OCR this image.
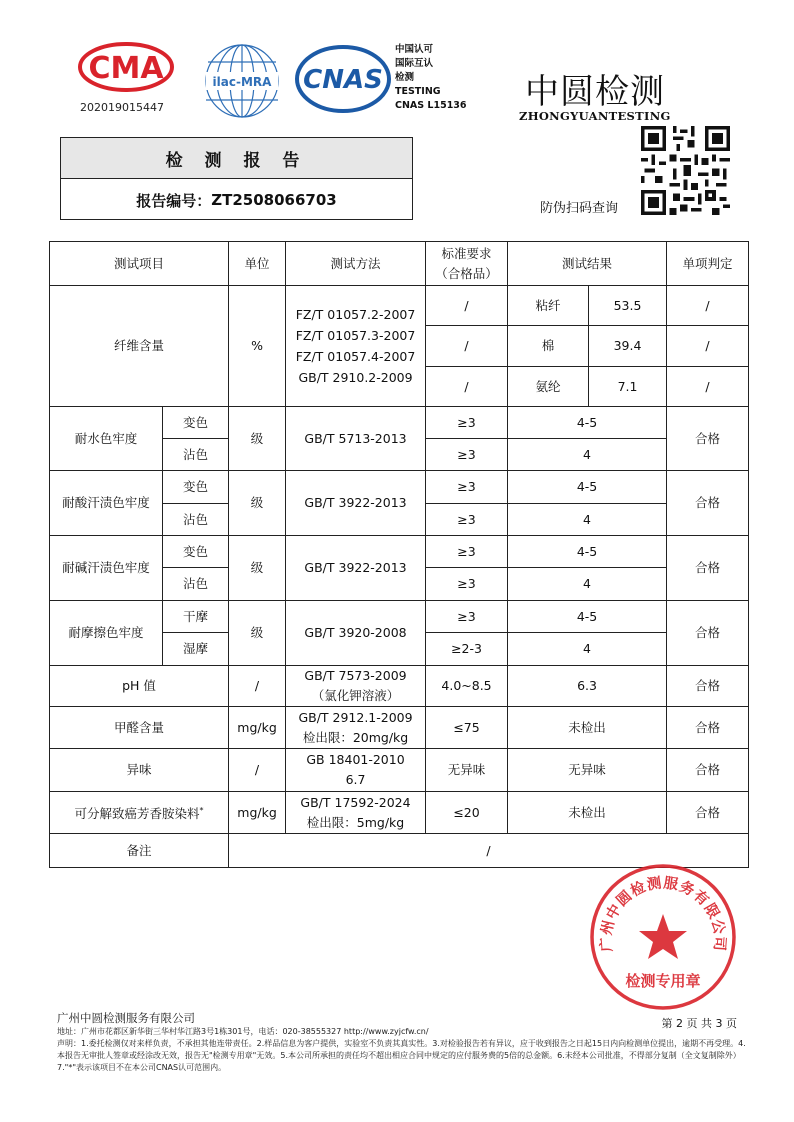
CMA
202019015447
ilac-MRA CNAS
中国认可
国际互认
检测
TESTING
CNAS L15136 中圆检测
ZHONGYUANTESTING
防伪扫码查询
检 测 报 告
报告编号： ZT2508066703
测试项目		单位	测试方法	标准要求
（合格品）	测试结果		单项判定
纤维含量		%	FZ/T 01057.2-2007
FZ/T 01057.3-2007
FZ/T 01057.4-2007
GB/T 2910.2-2009	/	粘纤	53.5	/
				/	棉	39.4	/
				/	氨纶	7.1	/
耐水色牢度	变色	级	GB/T 5713-2013	≥3	4-5		合格
	沾色			≥3	4		
耐酸汗渍色牢度	变色	级	GB/T 3922-2013	≥3	4-5		合格
	沾色			≥3	4		
耐碱汗渍色牢度	变色	级	GB/T 3922-2013	≥3	4-5		合格
	沾色			≥3	4		
耐摩擦色牢度	干摩	级	GB/T 3920-2008	≥3	4-5		合格
	湿摩			≥2-3	4		
pH 值		/	GB/T 7573-2009
（氯化钾溶液）	4.0~8.5	6.3		合格
甲醛含量		mg/kg	GB/T 2912.1-2009
检出限：20mg/kg	≤75	未检出		合格
异味		/	GB 18401-2010
6.7	无异味	无异味		合格
可分解致癌芳香胺染料*		mg/kg	GB/T 17592-2024
检出限：5mg/kg	≤20	未检出		合格
备注		/					
广州中圆检测服务有限公司
检测专用章
广州中圆检测服务有限公司
地址：广州市花都区新华街三华村华江路3号1栋301号，电话：020-38555327 http://www.zyjcfw.cn/
声明：1.委托检测仅对来样负责，不承担其他连带责任。2.样品信息为客户提供，实验室不负责其真实性。3.对检验报告若有异议，应于收到报告之日起15日内向检测单位提出，逾期不再受理。4.本报告无审批人签章或经涂改无效，报告无"检测专用章"无效。5.本公司所承担的责任均不超出相应合同中规定的应付服务费的5倍的总金额。6.未经本公司批准，不得部分复制（全文复制除外）7."*"表示该项目不在本公司CNAS认可范围内。
第 2 页 共 3 页
